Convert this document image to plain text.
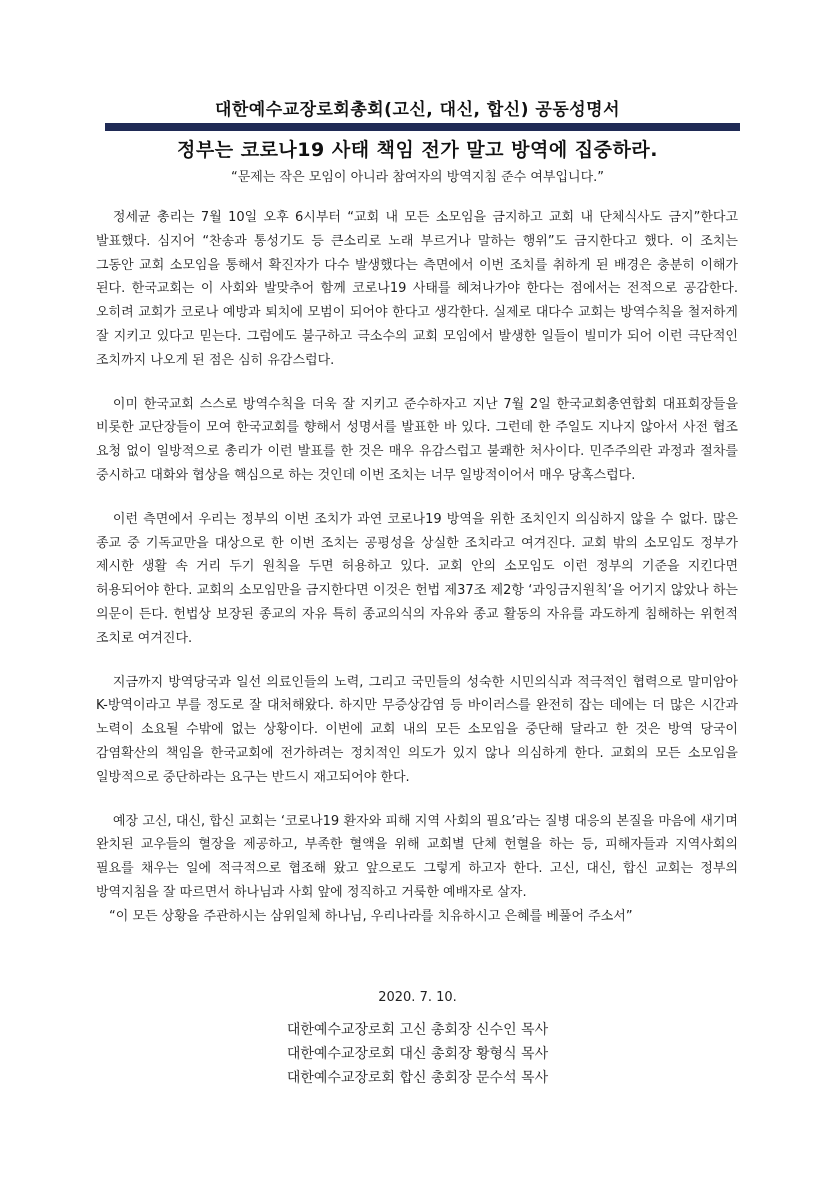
대한예수교장로회총회(고신, 대신, 합신) 공동성명서
정부는 코로나19 사태 책임 전가 말고 방역에 집중하라.
“문제는 작은 모임이 아니라 참여자의 방역지침 준수 여부입니다.”

정세균 총리는 7월 10일 오후 6시부터 “교회 내 모든 소모임을 금지하고 교회 내 단체식사도 금지”한다고 발표했다. 심지어 “찬송과 통성기도 등 큰소리로 노래 부르거나 말하는 행위”도 금지한다고 했다. 이 조치는 그동안 교회 소모임을 통해서 확진자가 다수 발생했다는 측면에서 이번 조치를 취하게 된 배경은 충분히 이해가 된다. 한국교회는 이 사회와 발맞추어 함께 코로나19 사태를 헤쳐나가야 한다는 점에서는 전적으로 공감한다. 오히려 교회가 코로나 예방과 퇴치에 모범이 되어야 한다고 생각한다. 실제로 대다수 교회는 방역수칙을 철저하게 잘 지키고 있다고 믿는다. 그럼에도 불구하고 극소수의 교회 모임에서 발생한 일들이 빌미가 되어 이런 극단적인 조치까지 나오게 된 점은 심히 유감스럽다.

이미 한국교회 스스로 방역수칙을 더욱 잘 지키고 준수하자고 지난 7월 2일 한국교회총연합회 대표회장들을 비롯한 교단장들이 모여 한국교회를 향해서 성명서를 발표한 바 있다. 그런데 한 주일도 지나지 않아서 사전 협조 요청 없이 일방적으로 총리가 이런 발표를 한 것은 매우 유감스럽고 불쾌한 처사이다. 민주주의란 과정과 절차를 중시하고 대화와 협상을 핵심으로 하는 것인데 이번 조치는 너무 일방적이어서 매우 당혹스럽다.

이런 측면에서 우리는 정부의 이번 조치가 과연 코로나19 방역을 위한 조치인지 의심하지 않을 수 없다. 많은 종교 중 기독교만을 대상으로 한 이번 조치는 공평성을 상실한 조치라고 여겨진다. 교회 밖의 소모임도 정부가 제시한 생활 속 거리 두기 원칙을 두면 허용하고 있다. 교회 안의 소모임도 이런 정부의 기준을 지킨다면 허용되어야 한다. 교회의 소모임만을 금지한다면 이것은 헌법 제37조 제2항 ‘과잉금지원칙’을 어기지 않았나 하는 의문이 든다. 헌법상 보장된 종교의 자유 특히 종교의식의 자유와 종교 활동의 자유를 과도하게 침해하는 위헌적 조치로 여겨진다.

지금까지 방역당국과 일선 의료인들의 노력, 그리고 국민들의 성숙한 시민의식과 적극적인 협력으로 말미암아 K-방역이라고 부를 정도로 잘 대처해왔다. 하지만 무증상감염 등 바이러스를 완전히 잡는 데에는 더 많은 시간과 노력이 소요될 수밖에 없는 상황이다. 이번에 교회 내의 모든 소모임을 중단해 달라고 한 것은 방역 당국이 감염확산의 책임을 한국교회에 전가하려는 정치적인 의도가 있지 않나 의심하게 한다. 교회의 모든 소모임을 일방적으로 중단하라는 요구는 반드시 재고되어야 한다.

예장 고신, 대신, 합신 교회는 ‘코로나19 환자와 피해 지역 사회의 필요’라는 질병 대응의 본질을 마음에 새기며 완치된 교우들의 혈장을 제공하고, 부족한 혈액을 위해 교회별 단체 헌혈을 하는 등, 피해자들과 지역사회의 필요를 채우는 일에 적극적으로 협조해 왔고 앞으로도 그렇게 하고자 한다. 고신, 대신, 합신 교회는 정부의 방역지침을 잘 따르면서 하나님과 사회 앞에 정직하고 거룩한 예배자로 살자.

“이 모든 상황을 주관하시는 삼위일체 하나님, 우리나라를 치유하시고 은혜를 베풀어 주소서”

2020. 7. 10.
대한예수교장로회 고신 총회장 신수인 목사
대한예수교장로회 대신 총회장 황형식 목사
대한예수교장로회 합신 총회장 문수석 목사
